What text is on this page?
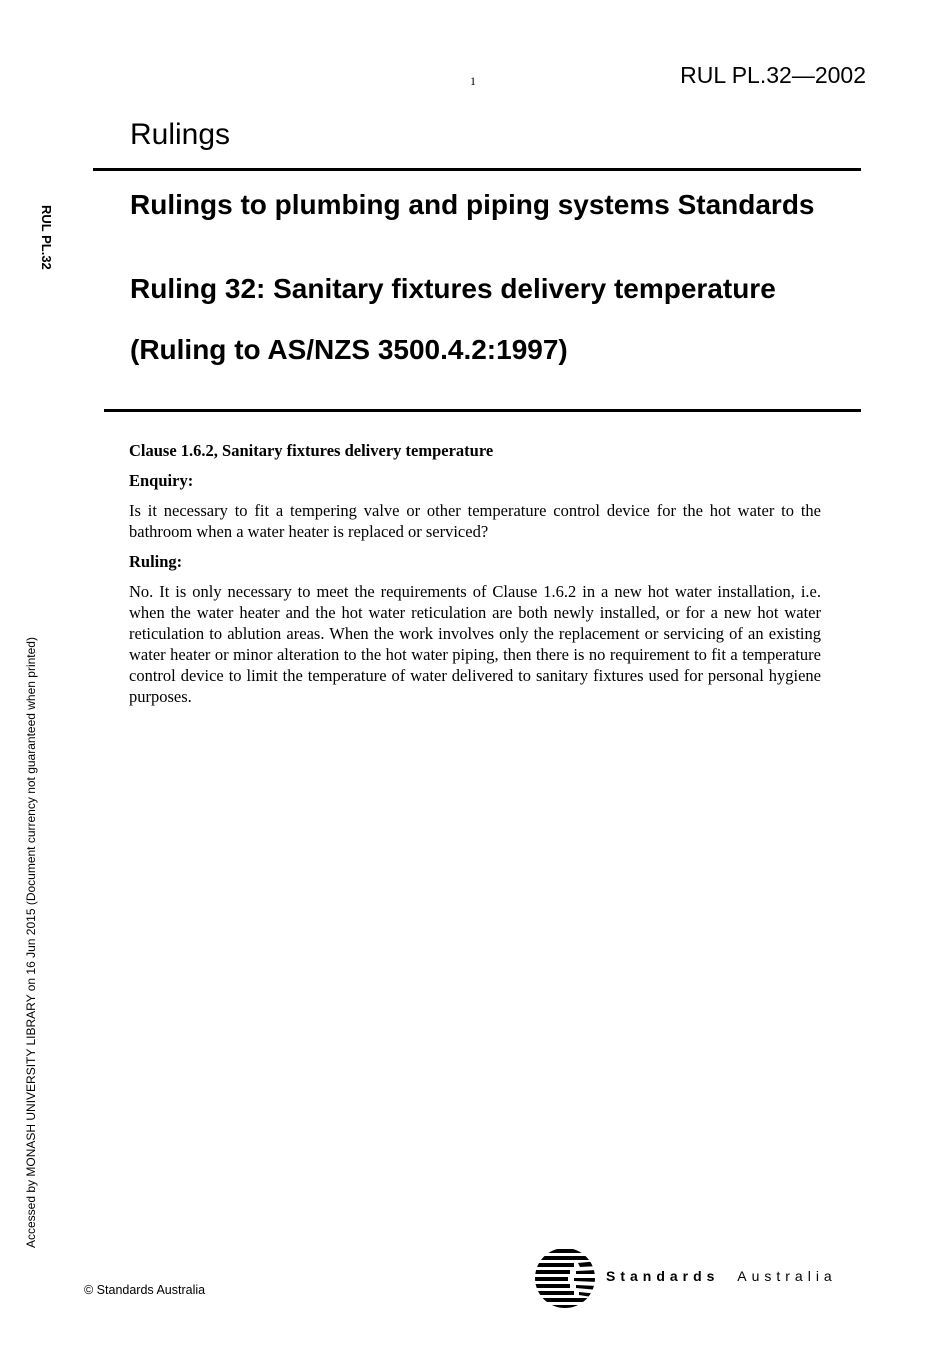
1	RUL PL.32—2002
Rulings
Rulings to plumbing and piping systems Standards
Ruling 32: Sanitary fixtures delivery temperature
(Ruling to AS/NZS 3500.4.2:1997)

Clause 1.6.2, Sanitary fixtures delivery temperature

Enquiry:

Is it necessary to fit a tempering valve or other temperature control device for the hot water to the bathroom when a water heater is replaced or serviced?

Ruling:

No. It is only necessary to meet the requirements of Clause 1.6.2 in a new hot water installation, i.e. when the water heater and the hot water reticulation are both newly installed, or for a new hot water reticulation to ablution areas. When the work involves only the replacement or servicing of an existing water heater or minor alteration to the hot water piping, then there is no requirement to fit a temperature control device to limit the temperature of water delivered to sanitary fixtures used for personal hygiene purposes.

RUL PL.32
Accessed by MONASH UNIVERSITY LIBRARY on 16 Jun 2015 (Document currency not guaranteed when printed)
© Standards Australia
Standards Australia
